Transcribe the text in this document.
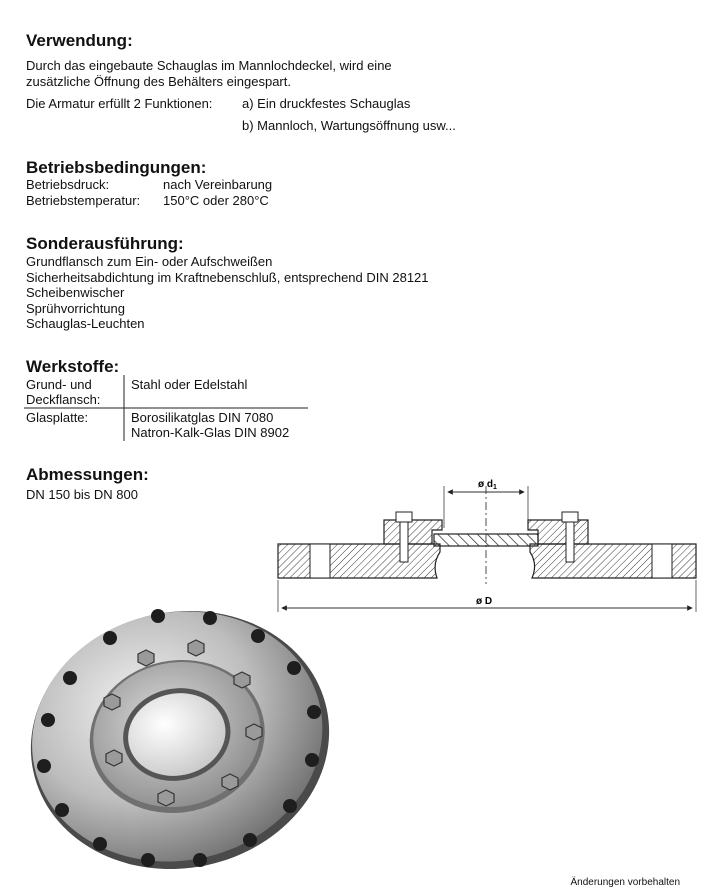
Verwendung:
Durch das eingebaute Schauglas im Mannlochdeckel, wird eine
zusätzliche Öffnung des Behälters eingespart.
Die Armatur erfüllt 2 Funktionen: a) Ein druckfestes Schauglas
b) Mannloch, Wartungsöffnung usw...
Betriebsbedingungen:
Betriebsdruck:	nach Vereinbarung
Betriebstemperatur: 150°C oder 280°C
Sonderausführung:
Grundflansch zum Ein- oder Aufschweißen
Sicherheitsabdichtung im Kraftnebenschluß, entsprechend DIN 28121
Scheibenwischer
Sprühvorrichtung
Schauglas-Leuchten
Werkstoffe:
Grund- und
Deckflansch:
Stahl oder Edelstahl
Glasplatte:	Borosilikatglas DIN 7080
Natron-Kalk-Glas DIN 8902
Abmessungen:
DN 150 bis DN 800
ø $d_1$
ø D
Änderungen vorbehalten
